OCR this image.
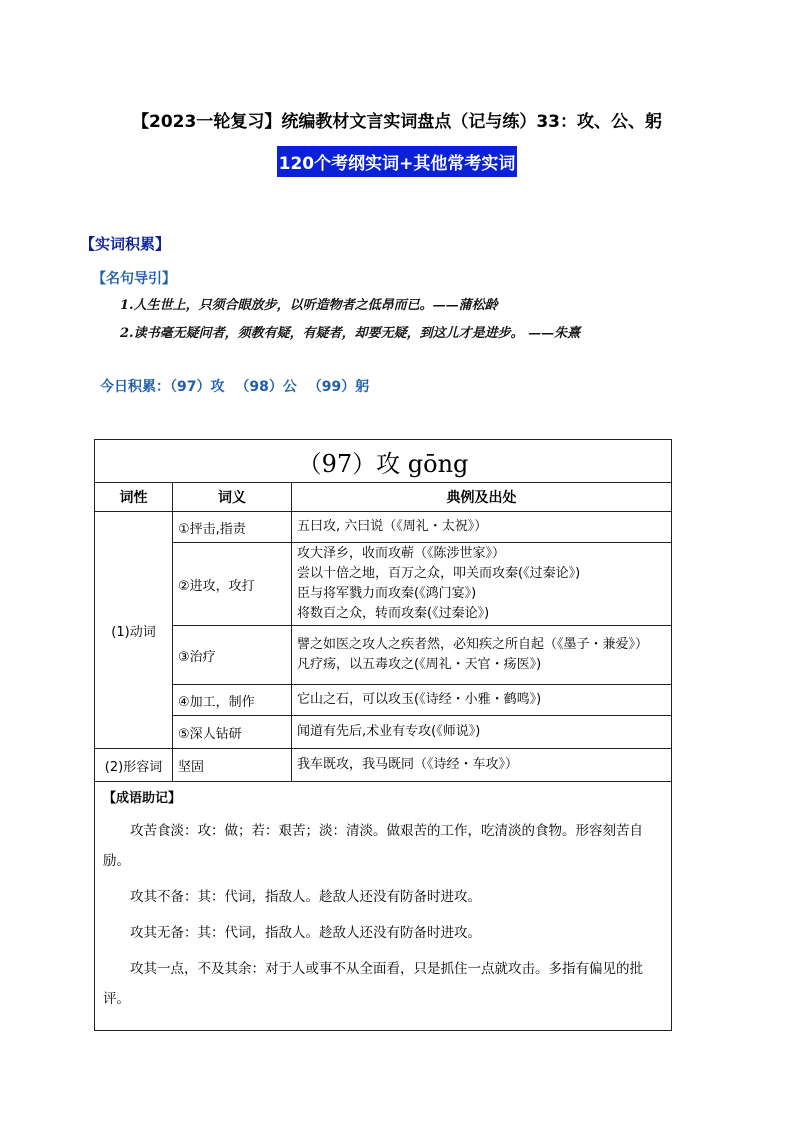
【2023一轮复习】统编教材文言实词盘点（记与练）33：攻、公、躬
120个考纲实词+其他常考实词
【实词积累】
【名句导引】
1.人生世上，只须合眼放步，以听造物者之低昂而已。——蒲松龄
2.读书毫无疑问者，须教有疑，有疑者，却要无疑，到这儿才是进步。 ——朱熹
今日积累：（97）攻 （98）公 （99）躬
（97）攻 gōng		
词性	词义	典例及出处
(1)动词	①抨击,指责	五曰攻, 六曰说（《周礼・太祝》）

	②进攻，攻打	攻大泽乡，收而攻蕲（《陈涉世家》）
尝以十倍之地，百万之众，叩关而攻秦(《过秦论》)
臣与将军戮力而攻秦(《鸿门宴》)
将数百之众，转而攻秦(《过秦论》)

	③治疗	譬之如医之攻人之疾者然，必知疾之所自起（《墨子・兼爱》）
凡疗疡，以五毒攻之(《周礼・天官・疡医》)

	④加工，制作	它山之石，可以攻玉(《诗经・小雅・鹤鸣》)

	⑤深人钻研	闻道有先后,术业有专攻(《师说》)

(2)形容词	坚固	我车既攻，我马既同（《诗经・车攻》）

【成语助记】

攻苦食淡：攻：做；若：艰苦；淡：清淡。做艰苦的工作，吃清淡的食物。形容刻苦自励。

攻其不备：其：代词，指敌人。趁敌人还没有防备时进攻。

攻其无备：其：代词，指敌人。趁敌人还没有防备时进攻。

攻其一点，不及其余：对于人或事不从全面看，只是抓住一点就攻击。多指有偏见的批评。		
